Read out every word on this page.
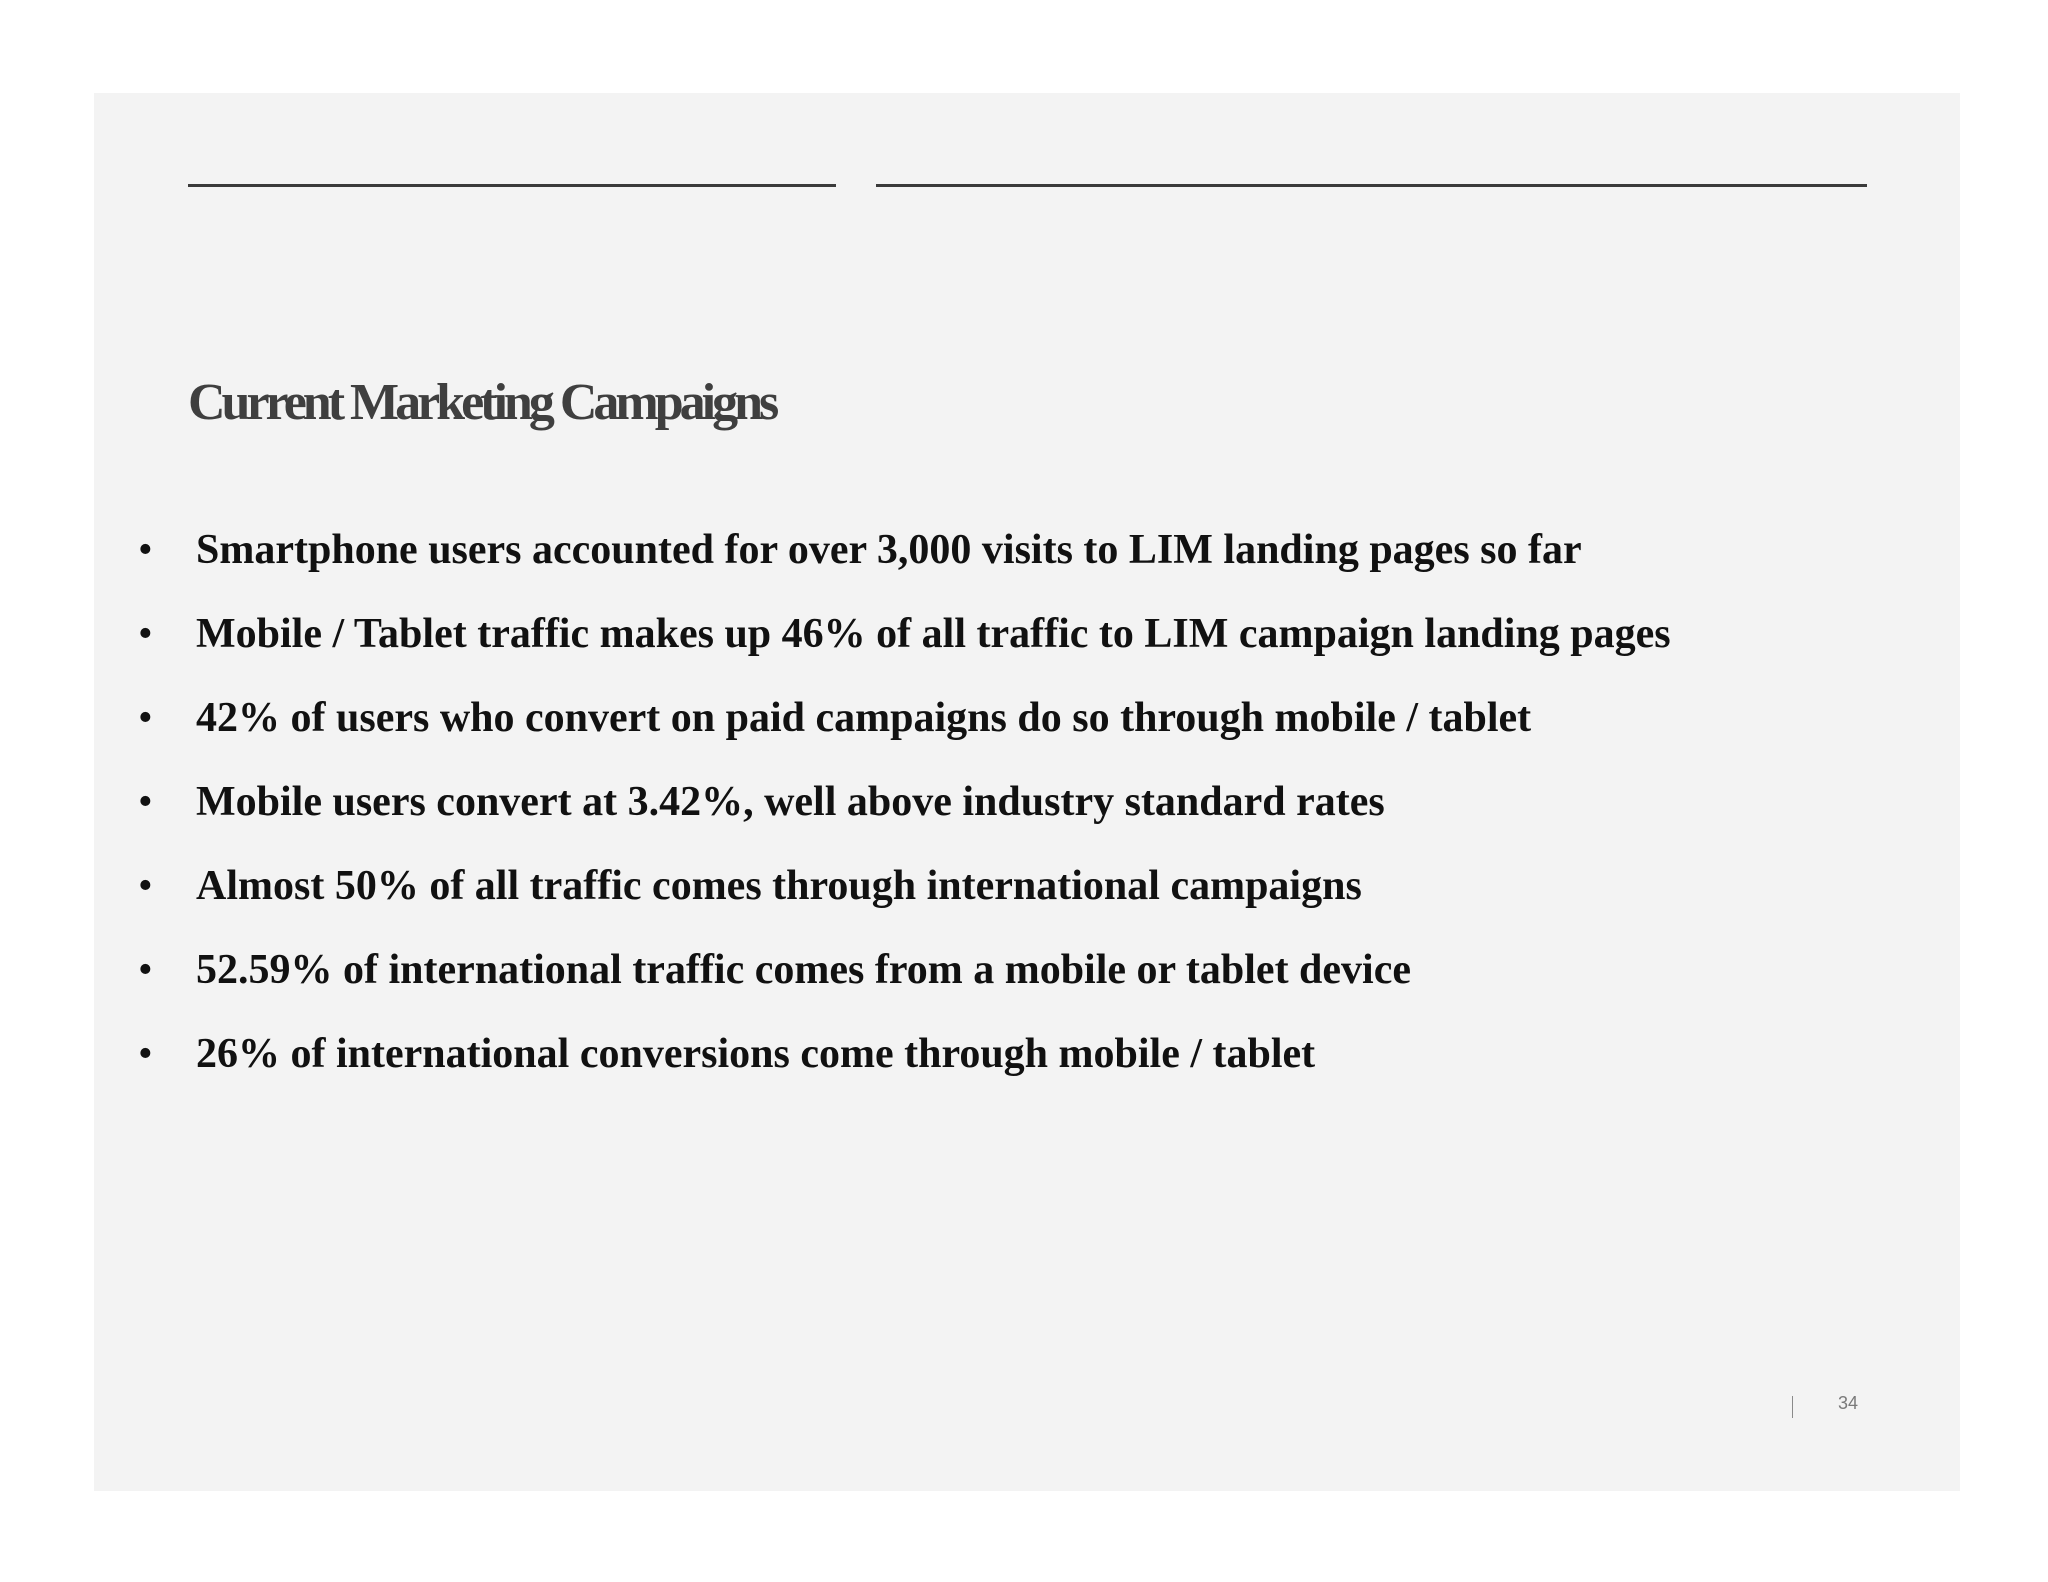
Current Marketing Campaigns
•	Smartphone users accounted for over 3,000 visits to LIM landing pages so far
•	Mobile / Tablet traffic makes up 46% of all traffic to LIM campaign landing pages
•	42% of users who convert on paid campaigns do so through mobile / tablet
•	Mobile users convert at 3.42%, well above industry standard rates
•	Almost 50% of all traffic comes through international campaigns
•	52.59% of international traffic comes from a mobile or tablet device
•	26% of international conversions come through mobile / tablet
34
